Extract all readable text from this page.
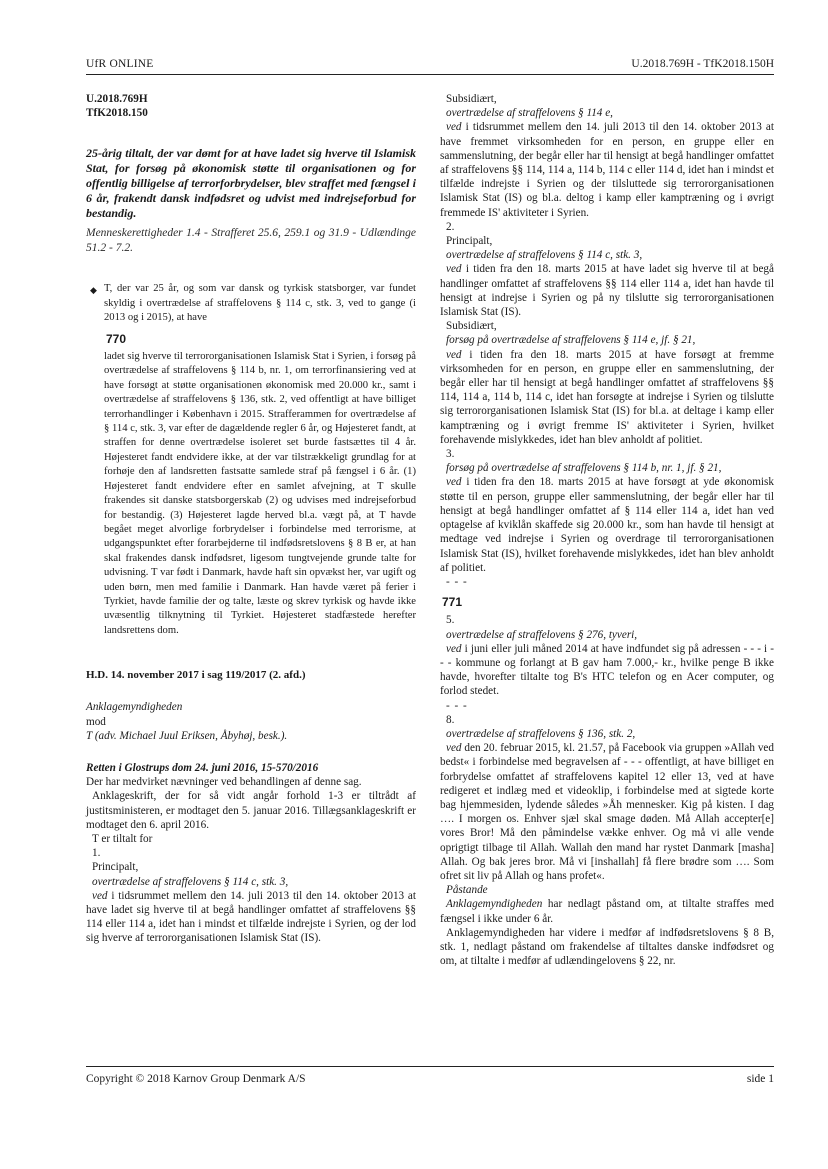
UfR ONLINE	U.2018.769H - TfK2018.150H

U.2018.769H

TfK2018.150

25-årig tiltalt, der var dømt for at have ladet sig hverve til Islamisk Stat, for forsøg på økonomisk støtte til organisationen og for offentlig billigelse af terrorforbrydelser, blev straffet med fængsel i 6 år, frakendt dansk indfødsret og udvist med indrejseforbud for bestandig.

Menneskerettigheder 1.4 - Strafferet 25.6, 259.1 og 31.9 - Udlændinge 51.2 - 7.2.

◆ T, der var 25 år, og som var dansk og tyrkisk statsborger, var fundet skyldig i overtrædelse af straffelovens § 114 c, stk. 3, ved to gange (i 2013 og i 2015), at have

770

ladet sig hverve til terrororganisationen Islamisk Stat i Syrien, i forsøg på overtrædelse af straffelovens § 114 b, nr. 1, om terrorfinansiering ved at have forsøgt at støtte organisationen økonomisk med 20.000 kr., samt i overtrædelse af straffelovens § 136, stk. 2, ved offentligt at have billiget terrorhandlinger i København i 2015. Strafferammen for overtrædelse af § 114 c, stk. 3, var efter de dagældende regler 6 år, og Højesteret fandt, at straffen for denne overtrædelse isoleret set burde fastsættes til 4 år. Højesteret fandt endvidere ikke, at der var tilstrækkeligt grundlag for at forhøje den af landsretten fastsatte samlede straf på fængsel i 6 år. (1) Højesteret fandt endvidere efter en samlet afvejning, at T skulle frakendes sit danske statsborgerskab (2) og udvises med indrejseforbud for bestandig. (3) Højesteret lagde herved bl.a. vægt på, at T havde begået meget alvorlige forbrydelser i forbindelse med terrorisme, at udgangspunktet efter forarbejderne til indfødsretslovens § 8 B er, at han skal frakendes dansk indfødsret, ligesom tungtvejende grunde talte for udvisning. T var født i Danmark, havde haft sin opvækst her, var ugift og uden børn, men med familie i Danmark. Han havde været på ferier i Tyrkiet, havde familie der og talte, læste og skrev tyrkisk og havde ikke uvæsentlig tilknytning til Tyrkiet. Højesteret stadfæstede herefter landsrettens dom.

H.D. 14. november 2017 i sag 119/2017 (2. afd.)

Anklagemyndigheden

mod

T (adv. Michael Juul Eriksen, Åbyhøj, besk.).

Retten i Glostrups dom 24. juni 2016, 15-570/2016

Der har medvirket nævninger ved behandlingen af denne sag.

Anklageskrift, der for så vidt angår forhold 1-3 er tiltrådt af justitsministeren, er modtaget den 5. januar 2016. Tillægsanklageskrift er modtaget den 6. april 2016.

T er tiltalt for

1.

Principalt,

overtrædelse af straffelovens § 114 c, stk. 3,

ved i tidsrummet mellem den 14. juli 2013 til den 14. oktober 2013 at have ladet sig hverve til at begå handlinger omfattet af straffelovens §§ 114 eller 114 a, idet han i mindst et tilfælde indrejste i Syrien, og der lod sig hverve af terrororganisationen Islamisk Stat (IS).

Subsidiært,

overtrædelse af straffelovens § 114 e,

ved i tidsrummet mellem den 14. juli 2013 til den 14. oktober 2013 at have fremmet virksomheden for en person, en gruppe eller en sammenslutning, der begår eller har til hensigt at begå handlinger omfattet af straffelovens §§ 114, 114 a, 114 b, 114 c eller 114 d, idet han i mindst et tilfælde indrejste i Syrien og der tilsluttede sig terrororganisationen Islamisk Stat (IS) og bl.a. deltog i kamp eller kamptræning og i øvrigt fremmede IS' aktiviteter i Syrien.

2.

Principalt,

overtrædelse af straffelovens § 114 c, stk. 3,

ved i tiden fra den 18. marts 2015 at have ladet sig hverve til at begå handlinger omfattet af straffelovens §§ 114 eller 114 a, idet han havde til hensigt at indrejse i Syrien og på ny tilslutte sig terrororganisationen Islamisk Stat (IS).

Subsidiært,

forsøg på overtrædelse af straffelovens § 114 e, jf. § 21,

ved i tiden fra den 18. marts 2015 at have forsøgt at fremme virksomheden for en person, en gruppe eller en sammenslutning, der begår eller har til hensigt at begå handlinger omfattet af straffelovens §§ 114, 114 a, 114 b, 114 c, idet han forsøgte at indrejse i Syrien og tilslutte sig terrororganisationen Islamisk Stat (IS) for bl.a. at deltage i kamp eller kamptræning og i øvrigt fremme IS' aktiviteter i Syrien, hvilket forehavende mislykkedes, idet han blev anholdt af politiet.

3.

forsøg på overtrædelse af straffelovens § 114 b, nr. 1, jf. § 21,

ved i tiden fra den 18. marts 2015 at have forsøgt at yde økonomisk støtte til en person, gruppe eller sammenslutning, der begår eller har til hensigt at begå handlinger omfattet af § 114 eller 114 a, idet han ved optagelse af kviklån skaffede sig 20.000 kr., som han havde til hensigt at medtage ved indrejse i Syrien og overdrage til terrororganisationen Islamisk Stat (IS), hvilket forehavende mislykkedes, idet han blev anholdt af politiet.

- - -

771

5.

overtrædelse af straffelovens § 276, tyveri,

ved i juni eller juli måned 2014 at have indfundet sig på adressen - - - i - - - kommune og forlangt at B gav ham 7.000,- kr., hvilke penge B ikke havde, hvorefter tiltalte tog B's HTC telefon og en Acer computer, og forlod stedet.

- - -

8.

overtrædelse af straffelovens § 136, stk. 2,

ved den 20. februar 2015, kl. 21.57, på Facebook via gruppen »Allah ved bedst« i forbindelse med begravelsen af - - - offentligt, at have billiget en forbrydelse omfattet af straffelovens kapitel 12 eller 13, ved at have redigeret et indlæg med et videoklip, i forbindelse med at sigtede korte bag hjemmesiden, lydende således »Åh mennesker. Kig på kisten. I dag …. I morgen os. Enhver sjæl skal smage døden. Må Allah accepter[e] vores Bror! Må den påmindelse vække enhver. Og må vi alle vende oprigtigt tilbage til Allah. Wallah den mand har rystet Danmark [masha] Allah. Og bak jeres bror. Må vi [inshallah] få flere brødre som …. Som ofret sit liv på Allah og hans profet«.

Påstande

Anklagemyndigheden har nedlagt påstand om, at tiltalte straffes med fængsel i ikke under 6 år.

Anklagemyndigheden har videre i medfør af indfødsretslovens § 8 B, stk. 1, nedlagt påstand om frakendelse af tiltaltes danske indfødsret og om, at tiltalte i medfør af udlændingelovens § 22, nr.

Copyright © 2018 Karnov Group Denmark A/S	side 1
